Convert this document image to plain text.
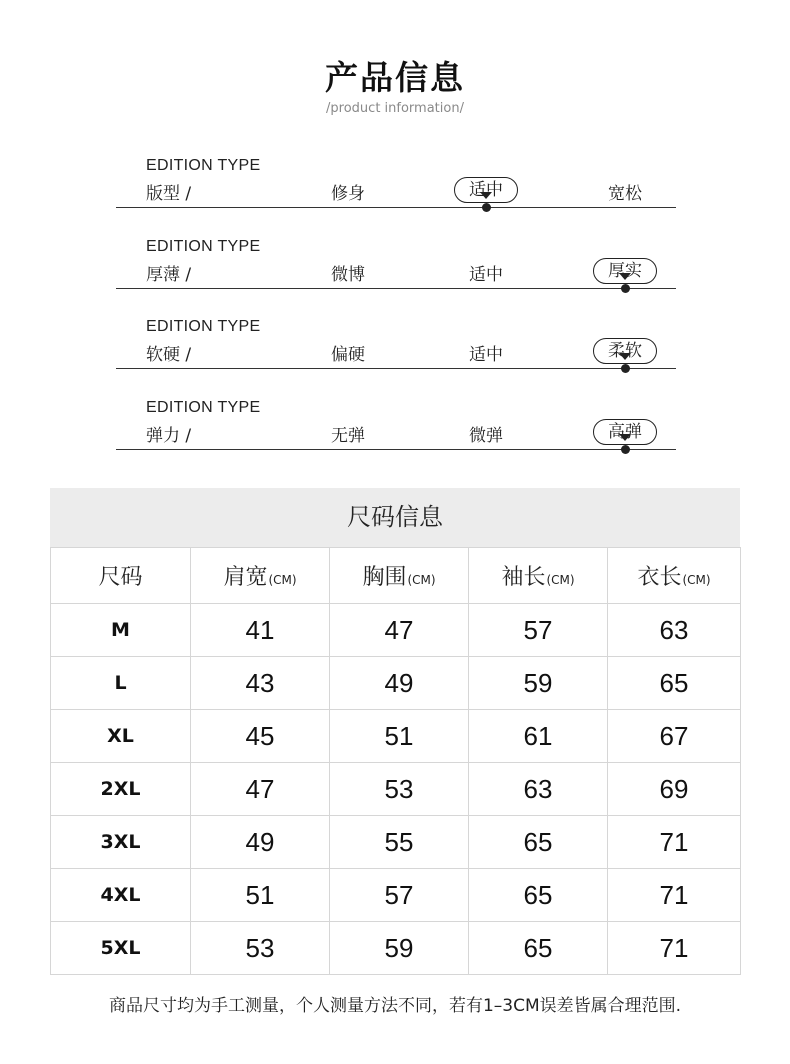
产品信息
/product information/
EDITION TYPE
版型 /	修身	适中	宽松
EDITION TYPE
厚薄 /	微博	适中	厚实
EDITION TYPE
软硬 /	偏硬	适中	柔软
EDITION TYPE
弹力 /	无弹	微弹	高弹
尺码信息
尺码	肩宽(CM)	胸围(CM)	袖长(CM)	衣长(CM)
M	41	47	57	63
L	43	49	59	65
XL	45	51	61	67
2XL	47	53	63	69
3XL	49	55	65	71
4XL	51	57	65	71
5XL	53	59	65	71
商品尺寸均为手工测量，个人测量方法不同，若有1–3CM误差皆属合理范围.
